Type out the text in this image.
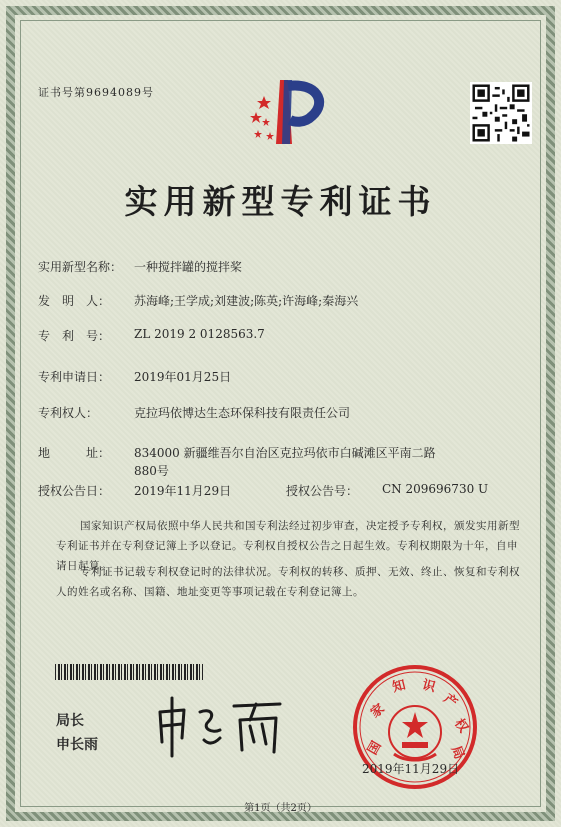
证书号第9694089号
实用新型专利证书
实用新型名称： 一种搅拌罐的搅拌桨
发　明　人： 苏海峰;王学成;刘建波;陈英;许海峰;秦海兴
专　利　号： ZL 2019 2 0128563.7
专利申请日： 2019年01月25日
专利权人：	克拉玛依博达生态环保科技有限责任公司
地　　　址：	834000 新疆维吾尔自治区克拉玛依市白碱滩区平南二路880号
授权公告日： 2019年11月29日	授权公告号： CN 209696730 U
国家知识产权局依照中华人民共和国专利法经过初步审查，决定授予专利权，颁发实用新型专利证书并在专利登记簿上予以登记。专利权自授权公告之日起生效。专利权期限为十年，自申请日起算。
专利证书记载专利权登记时的法律状况。专利权的转移、质押、无效、终止、恢复和专利权人的姓名或名称、国籍、地址变更等事项记载在专利登记簿上。
局长
申长雨	国
家
知 识
产
权
局
2019年11月29日
第1页（共2页）
